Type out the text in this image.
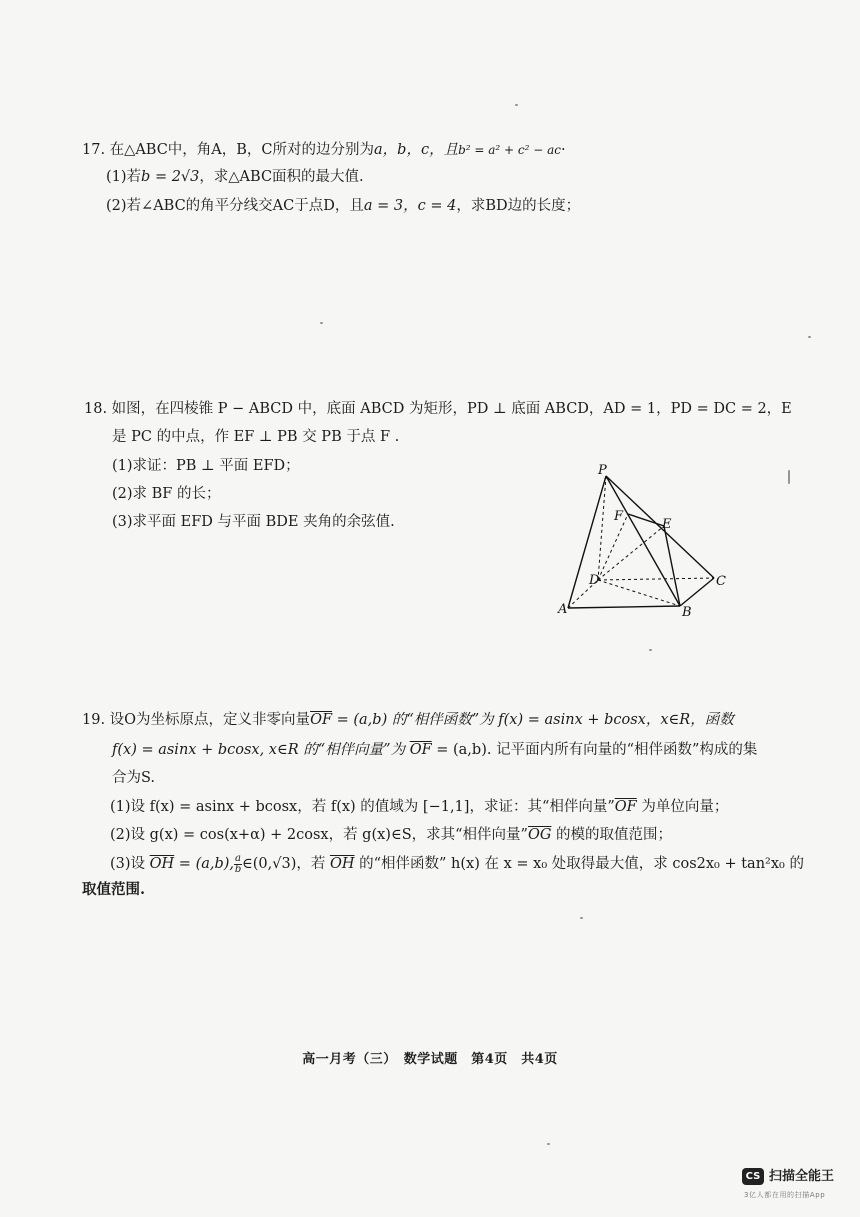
17. 在△ABC中，角A，B，C所对的边分别为a，b，c，且b² = a² + c² − ac·
(1)若b = 2√3，求△ABC面积的最大值.
(2)若∠ABC的角平分线交AC于点D，且a = 3，c = 4，求BD边的长度；
18. 如图，在四棱锥 P − ABCD 中，底面 ABCD 为矩形，PD ⊥ 底面 ABCD，AD = 1，PD = DC = 2，E
是 PC 的中点，作 EF ⊥ PB 交 PB 于点 F .
(1)求证：PB ⊥ 平面 EFD；
(2)求 BF 的长；
(3)求平面 EFD 与平面 BDE 夹角的余弦值.
P
F
E
D	C
A	B
19. 设O为坐标原点，定义非零向量$\overline{OF} = (a,b)$ 的“相伴函数”为 f(x) = asinx + bcosx，x∈R，函数
f(x) = asinx + bcosx, x∈R 的“相伴向量”为 $\overline{OF} = (a,b)$. 记平面内所有向量的“相伴函数”构成的集
合为S.
(1)设 f(x) = asinx + bcosx，若 f(x) 的值域为 [−1,1]，求证：其“相伴向量$”\overline{OF}$ 为单位向量；
(2)设 g(x) = cos(x+α) + 2cosx，若 g(x)∈S，求其“相伴向量$”\overline{OG}$ 的模的取值范围；
(3)设 $\overline{OH} = (a,b)$, $\frac{a}{b}$ ∈(0,√3)，若 $\overline{OH}$ 的“相伴函数” h(x) 在 x = x₀ 处取得最大值，求 cos2x₀ + tan²x₀ 的
取值范围.
高一月考（三）　数学试题　第4页　共4页
CS 扫描全能王
3亿人都在用的扫描App
